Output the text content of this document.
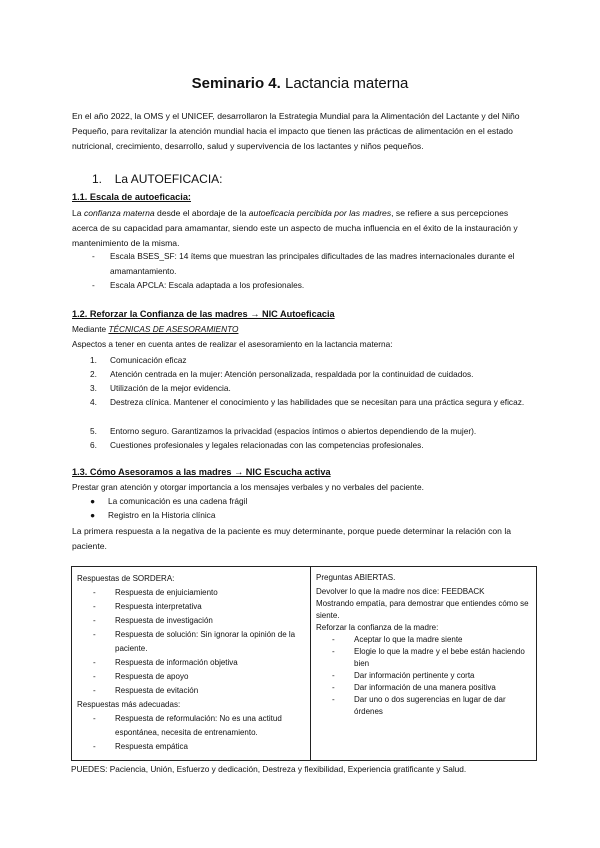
Seminario 4. Lactancia materna
En el año 2022, la OMS y el UNICEF, desarrollaron la Estrategia Mundial para la Alimentación del Lactante y del Niño Pequeño, para revitalizar la atención mundial hacia el impacto que tienen las prácticas de alimentación en el estado nutricional, crecimiento, desarrollo, salud y supervivencia de los lactantes y niños pequeños.
1. La AUTOEFICACIA:
1.1. Escala de autoeficacia:
La confianza materna desde el abordaje de la autoeficacia percibida por las madres, se refiere a sus percepciones acerca de su capacidad para amamantar, siendo este un aspecto de mucha influencia en el éxito de la instauración y mantenimiento de la misma.
- Escala BSES_SF: 14 ítems que muestran las principales dificultades de las madres internacionales durante el amamantamiento.
- Escala APCLA: Escala adaptada a los profesionales.
1.2. Reforzar la Confianza de las madres → NIC Autoeficacia
Mediante TÉCNICAS DE ASESORAMIENTO
Aspectos a tener en cuenta antes de realizar el asesoramiento en la lactancia materna:
1. Comunicación eficaz
2. Atención centrada en la mujer: Atención personalizada, respaldada por la continuidad de cuidados.
3. Utilización de la mejor evidencia.
4. Destreza clínica. Mantener el conocimiento y las habilidades que se necesitan para una práctica segura y eficaz.
5. Entorno seguro. Garantizamos la privacidad (espacios íntimos o abiertos dependiendo de la mujer).
6. Cuestiones profesionales y legales relacionadas con las competencias profesionales.
1.3. Cómo Asesoramos a las madres → NIC Escucha activa
Prestar gran atención y otorgar importancia a los mensajes verbales y no verbales del paciente.
● La comunicación es una cadena frágil
● Registro en la Historia clínica
La primera respuesta a la negativa de la paciente es muy determinante, porque puede determinar la relación con la paciente.
Respuestas de SORDERA:
- Respuesta de enjuiciamiento
- Respuesta interpretativa
- Respuesta de investigación
- Respuesta de solución: Sin ignorar la opinión de la paciente.
- Respuesta de información objetiva
- Respuesta de apoyo
- Respuesta de evitación
Respuestas más adecuadas:
- Respuesta de reformulación: No es una actitud espontánea, necesita de entrenamiento.
- Respuesta empática
Preguntas ABIERTAS.
Devolver lo que la madre nos dice: FEEDBACK
Mostrando empatía, para demostrar que entiendes cómo se siente.
Reforzar la confianza de la madre:
- Aceptar lo que la madre siente
- Elogie lo que la madre y el bebe están haciendo bien
- Dar información pertinente y corta
- Dar información de una manera positiva
- Dar uno o dos sugerencias en lugar de dar órdenes
PUEDES: Paciencia, Unión, Esfuerzo y dedicación, Destreza y flexibilidad, Experiencia gratificante y Salud.
